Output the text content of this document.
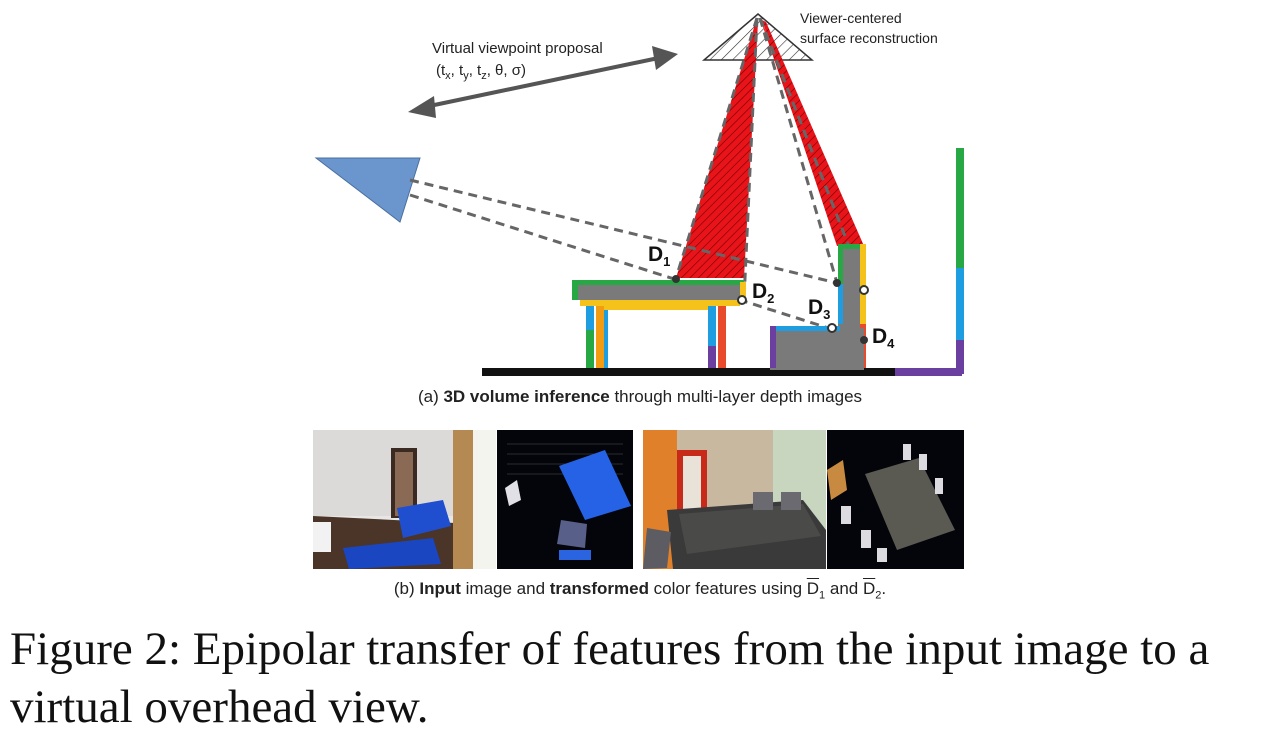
Virtual viewpoint proposal
($t_x$, $t_y$, $t_z$, θ, σ)
Viewer-centered
surface reconstruction
$D_1$
$D_2$ $D_3$
$D_4$
(a) 3D volume inference through multi-layer depth images
(b) Input image and transformed color features using $\overline{D}_1$ and $\overline{D}_2$.
Figure 2: Epipolar transfer of features from the input image to a virtual overhead view.
